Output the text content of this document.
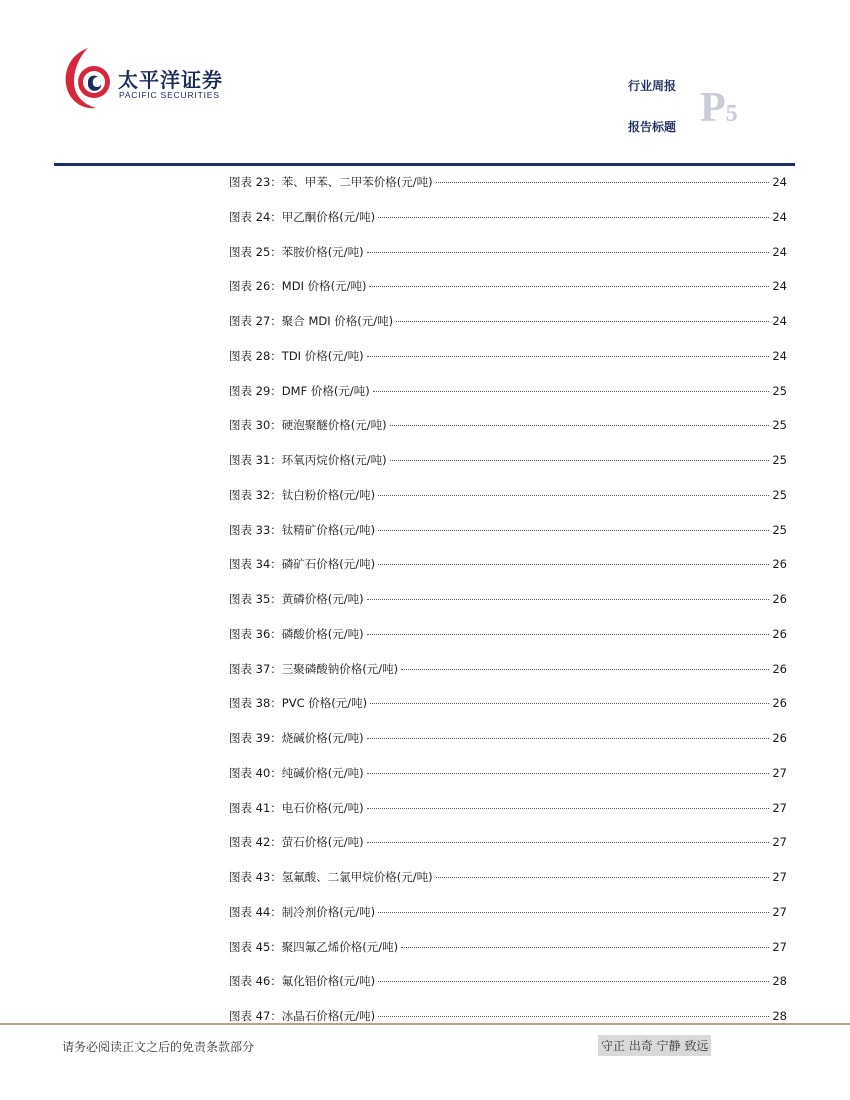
太平洋证券
PACIFIC SECURITIES
行业周报
报告标题 P5
图表 23：苯、甲苯、二甲苯价格(元/吨)	24
图表 24：甲乙酮价格(元/吨)	24
图表 25：苯胺价格(元/吨)	24
图表 26：MDI 价格(元/吨)	24
图表 27：聚合 MDI 价格(元/吨)	24
图表 28：TDI 价格(元/吨)	24
图表 29：DMF 价格(元/吨)	25
图表 30：硬泡聚醚价格(元/吨)	25
图表 31：环氧丙烷价格(元/吨)	25
图表 32：钛白粉价格(元/吨)	25
图表 33：钛精矿价格(元/吨)	25
图表 34：磷矿石价格(元/吨)	26
图表 35：黄磷价格(元/吨)	26
图表 36：磷酸价格(元/吨)	26
图表 37：三聚磷酸钠价格(元/吨)	26
图表 38：PVC 价格(元/吨)	26
图表 39：烧碱价格(元/吨)	26
图表 40：纯碱价格(元/吨)	27
图表 41：电石价格(元/吨)	27
图表 42：萤石价格(元/吨)	27
图表 43：氢氟酸、二氯甲烷价格(元/吨)	27
图表 44：制冷剂价格(元/吨)	27
图表 45：聚四氟乙烯价格(元/吨)	27
图表 46：氟化铝价格(元/吨)	28
图表 47：冰晶石价格(元/吨)	28
请务必阅读正文之后的免责条款部分	守正 出奇 宁静 致远
